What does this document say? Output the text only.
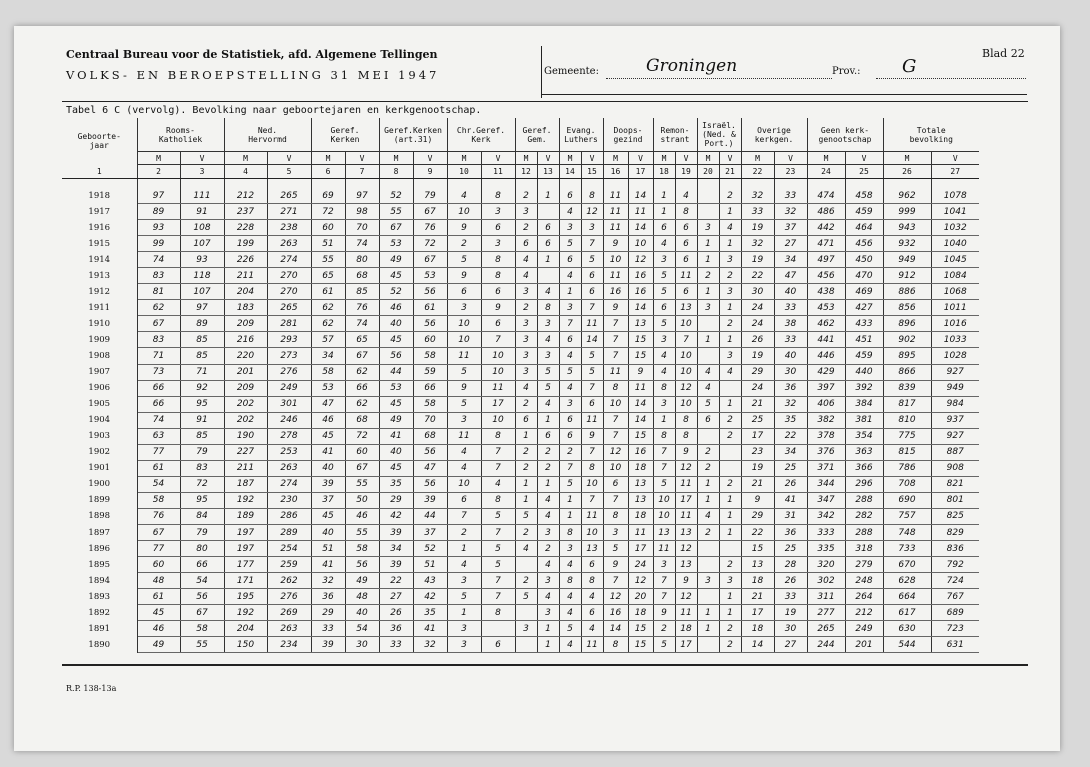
Centraal Bureau voor de Statistiek, afd. Algemene Tellingen
VOLKS- EN BEROEPSTELLING 31 MEI 1947	Gemeente:	Groningen	Prov.: G
Blad 22
Tabel 6 C (vervolg). Bevolking naar geboortejaren en kerkgenootschap.
Geboorte-
jaar	Rooms-
Katholiek		Ned.
Hervormd		Geref.
Kerken		Geref.Kerken
(art.31)		Chr.Geref.
Kerk		Geref.
Gem.		Evang.
Luthers		Doops-
gezind		Remon-
strant		Israël.
(Ned. &
Port.)		Overige
kerkgen.		Geen kerk-
genootschap		Totale
bevolking	
	M	V	M	V	M	V	M	V	M	V	M	V	M	V	M	V	M	V	M	V	M	V	M	V	M	V
1	2	3	4	5	6	7	8	9	10	11	12	13	14	15	16	17	18	19	20	21	22	23	24	25	26	27

1918	97	111	212	265	69	97	52	79	4	8	2	1	6	8	11	14	1	4		2	32	33	474	458	962	1078
1917	89	91	237	271	72	98	55	67	10	3	3		4	12	11	11	1	8		1	33	32	486	459	999	1041
1916	93	108	228	238	60	70	67	76	9	6	2	6	3	3	11	14	6	6	3	4	19	37	442	464	943	1032
1915	99	107	199	263	51	74	53	72	2	3	6	6	5	7	9	10	4	6	1	1	32	27	471	456	932	1040
1914	74	93	226	274	55	80	49	67	5	8	4	1	6	5	10	12	3	6	1	3	19	34	497	450	949	1045
1913	83	118	211	270	65	68	45	53	9	8	4		4	6	11	16	5	11	2	2	22	47	456	470	912	1084
1912	81	107	204	270	61	85	52	56	6	6	3	4	1	6	16	16	5	6	1	3	30	40	438	469	886	1068
1911	62	97	183	265	62	76	46	61	3	9	2	8	3	7	9	14	6	13	3	1	24	33	453	427	856	1011
1910	67	89	209	281	62	74	40	56	10	6	3	3	7	11	7	13	5	10		2	24	38	462	433	896	1016
1909	83	85	216	293	57	65	45	60	10	7	3	4	6	14	7	15	3	7	1	1	26	33	441	451	902	1033
1908	71	85	220	273	34	67	56	58	11	10	3	3	4	5	7	15	4	10		3	19	40	446	459	895	1028
1907	73	71	201	276	58	62	44	59	5	10	3	5	5	5	11	9	4	10	4	4	29	30	429	440	866	927
1906	66	92	209	249	53	66	53	66	9	11	4	5	4	7	8	11	8	12	4		24	36	397	392	839	949
1905	66	95	202	301	47	62	45	58	5	17	2	4	3	6	10	14	3	10	5	1	21	32	406	384	817	984
1904	74	91	202	246	46	68	49	70	3	10	6	1	6	11	7	14	1	8	6	2	25	35	382	381	810	937
1903	63	85	190	278	45	72	41	68	11	8	1	6	6	9	7	15	8	8		2	17	22	378	354	775	927
1902	77	79	227	253	41	60	40	56	4	7	2	2	2	7	12	16	7	9	2		23	34	376	363	815	887
1901	61	83	211	263	40	67	45	47	4	7	2	2	7	8	10	18	7	12	2		19	25	371	366	786	908
1900	54	72	187	274	39	55	35	56	10	4	1	1	5	10	6	13	5	11	1	2	21	26	344	296	708	821
1899	58	95	192	230	37	50	29	39	6	8	1	4	1	7	7	13	10	17	1	1	9	41	347	288	690	801
1898	76	84	189	286	45	46	42	44	7	5	5	4	1	11	8	18	10	11	4	1	29	31	342	282	757	825
1897	67	79	197	289	40	55	39	37	2	7	2	3	8	10	3	11	13	13	2	1	22	36	333	288	748	829
1896	77	80	197	254	51	58	34	52	1	5	4	2	3	13	5	17	11	12			15	25	335	318	733	836
1895	60	66	177	259	41	56	39	51	4	5		4	4	6	9	24	3	13		2	13	28	320	279	670	792
1894	48	54	171	262	32	49	22	43	3	7	2	3	8	8	7	12	7	9	3	3	18	26	302	248	628	724
1893	61	56	195	276	36	48	27	42	5	7	5	4	4	4	12	20	7	12		1	21	33	311	264	664	767
1892	45	67	192	269	29	40	26	35	1	8		3	4	6	16	18	9	11	1	1	17	19	277	212	617	689
1891	46	58	204	263	33	54	36	41	3		3	1	5	4	14	15	2	18	1	2	18	30	265	249	630	723
1890	49	55	150	234	39	30	33	32	3	6		1	4	11	8	15	5	17		2	14	27	244	201	544	631
R.P. 138-13a
